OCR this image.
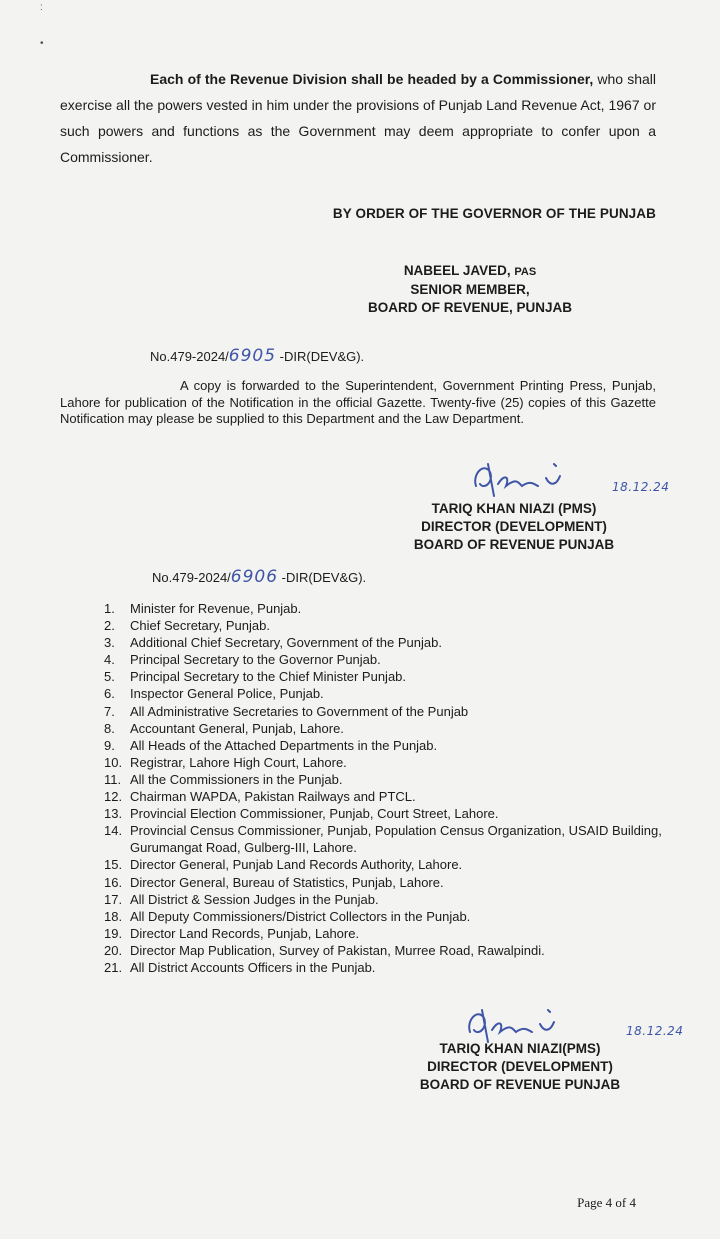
:
•

Each of the Revenue Division shall be headed by a Commissioner, who shall exercise all the powers vested in him under the provisions of Punjab Land Revenue Act, 1967 or such powers and functions as the Government may deem appropriate to confer upon a Commissioner.

BY ORDER OF THE GOVERNOR OF THE PUNJAB
NABEEL JAVED, PAS
SENIOR MEMBER,
BOARD OF REVENUE, PUNJAB
No.479-2024/6905 -DIR(DEV&G).
A copy is forwarded to the Superintendent, Government Printing Press, Punjab, Lahore for publication of the Notification in the official Gazette. Twenty-five (25) copies of this Gazette Notification may please be supplied to this Department and the Law Department.
18.12.24
TARIQ KHAN NIAZI (PMS)
DIRECTOR (DEVELOPMENT)
BOARD OF REVENUE PUNJAB
No.479-2024/6906 -DIR(DEV&G).
1.	Minister for Revenue, Punjab.
2.	Chief Secretary, Punjab.
3.	Additional Chief Secretary, Government of the Punjab.
4.	Principal Secretary to the Governor Punjab.
5.	Principal Secretary to the Chief Minister Punjab.
6.	Inspector General Police, Punjab.
7.	All Administrative Secretaries to Government of the Punjab
8.	Accountant General, Punjab, Lahore.
9.	All Heads of the Attached Departments in the Punjab.
10. Registrar, Lahore High Court, Lahore.
11. All the Commissioners in the Punjab.
12. Chairman WAPDA, Pakistan Railways and PTCL.
13. Provincial Election Commissioner, Punjab, Court Street, Lahore.
14. Provincial Census Commissioner, Punjab, Population Census Organization, USAID Building, Gurumangat Road, Gulberg-III, Lahore.
15. Director General, Punjab Land Records Authority, Lahore.
16. Director General, Bureau of Statistics, Punjab, Lahore.
17. All District & Session Judges in the Punjab.
18. All Deputy Commissioners/District Collectors in the Punjab.
19. Director Land Records, Punjab, Lahore.
20. Director Map Publication, Survey of Pakistan, Murree Road, Rawalpindi.
21. All District Accounts Officers in the Punjab.
18.12.24
TARIQ KHAN NIAZI(PMS)
DIRECTOR (DEVELOPMENT)
BOARD OF REVENUE PUNJAB
Page 4 of 4
